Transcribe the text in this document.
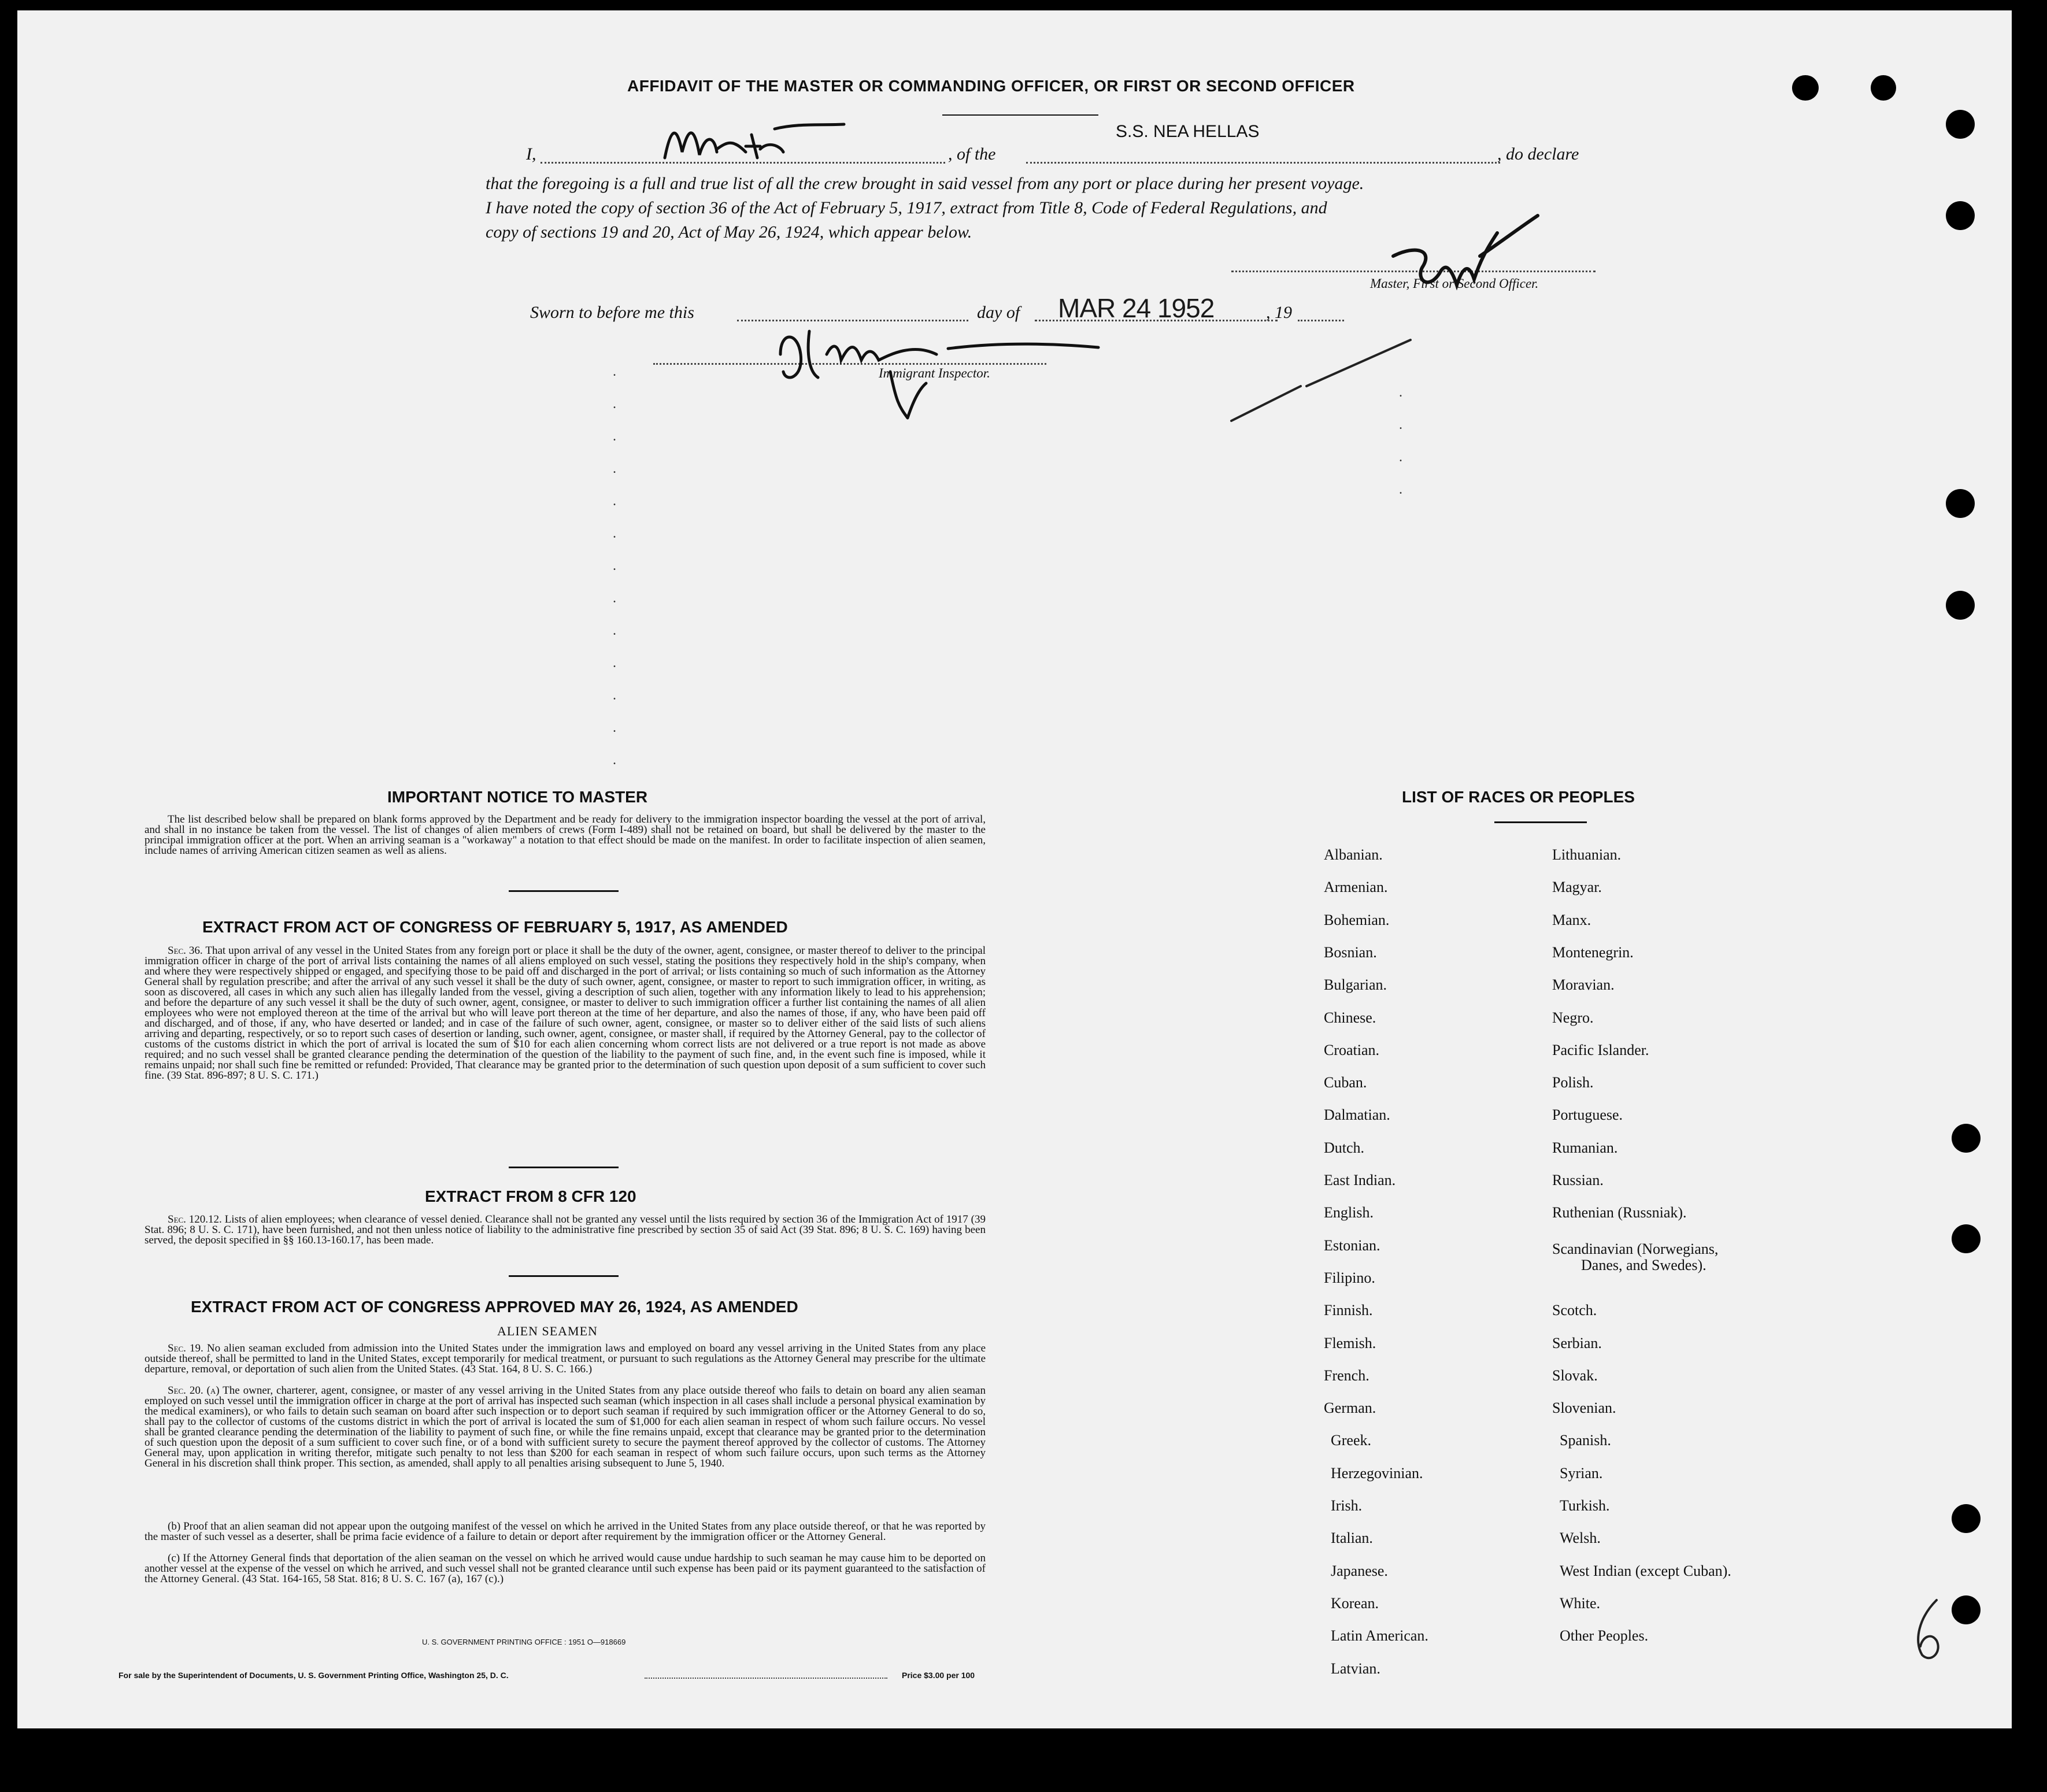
AFFIDAVIT OF THE MASTER OR COMMANDING OFFICER, OR FIRST OR SECOND OFFICER
I,	, of the
S.S. NEA HELLAS
, do declare
that the foregoing is a full and true list of all the crew brought in said vessel from any port or place during her present voyage.
I have noted the copy of section 36 of the Act of February 5, 1917, extract from Title 8, Code of Federal Regulations, and
copy of sections 19 and 20, Act of May 26, 1924, which appear below.
Master, First or Second Officer.
Sworn to before me this	day of MAR 24 1952	, 19
Immigrant Inspector.
.
.
.
.
.
.
.
.
.
.
.
.
.
.
.
.
.
IMPORTANT NOTICE TO MASTER
The list described below shall be prepared on blank forms approved by the Department and be ready for delivery to the immigration inspector boarding the vessel at the port of arrival, and shall in no instance be taken from the vessel. The list of changes of alien members of crews (Form I-489) shall not be retained on board, but shall be delivered by the master to the principal immigration officer at the port. When an arriving seaman is a "workaway" a notation to that effect should be made on the manifest. In order to facilitate inspection of alien seamen, include names of arriving American citizen seamen as well as aliens.
EXTRACT FROM ACT OF CONGRESS OF FEBRUARY 5, 1917, AS AMENDED
Sec. 36. That upon arrival of any vessel in the United States from any foreign port or place it shall be the duty of the owner, agent, consignee, or master thereof to deliver to the principal immigration officer in charge of the port of arrival lists containing the names of all aliens employed on such vessel, stating the positions they respectively hold in the ship's company, when and where they were respectively shipped or engaged, and specifying those to be paid off and discharged in the port of arrival; or lists containing so much of such information as the Attorney General shall by regulation prescribe; and after the arrival of any such vessel it shall be the duty of such owner, agent, consignee, or master to report to such immigration officer, in writing, as soon as discovered, all cases in which any such alien has illegally landed from the vessel, giving a description of such alien, together with any information likely to lead to his apprehension; and before the departure of any such vessel it shall be the duty of such owner, agent, consignee, or master to deliver to such immigration officer a further list containing the names of all alien employees who were not employed thereon at the time of the arrival but who will leave port thereon at the time of her departure, and also the names of those, if any, who have been paid off and discharged, and of those, if any, who have deserted or landed; and in case of the failure of such owner, agent, consignee, or master so to deliver either of the said lists of such aliens arriving and departing, respectively, or so to report such cases of desertion or landing, such owner, agent, consignee, or master shall, if required by the Attorney General, pay to the collector of customs of the customs district in which the port of arrival is located the sum of $10 for each alien concerning whom correct lists are not delivered or a true report is not made as above required; and no such vessel shall be granted clearance pending the determination of the question of the liability to the payment of such fine, and, in the event such fine is imposed, while it remains unpaid; nor shall such fine be remitted or refunded: Provided, That clearance may be granted prior to the determination of such question upon deposit of a sum sufficient to cover such fine. (39 Stat. 896-897; 8 U. S. C. 171.)
EXTRACT FROM 8 CFR 120
Sec. 120.12. Lists of alien employees; when clearance of vessel denied. Clearance shall not be granted any vessel until the lists required by section 36 of the Immigration Act of 1917 (39 Stat. 896; 8 U. S. C. 171), have been furnished, and not then unless notice of liability to the administrative fine prescribed by section 35 of said Act (39 Stat. 896; 8 U. S. C. 169) having been served, the deposit specified in §§ 160.13-160.17, has been made.
EXTRACT FROM ACT OF CONGRESS APPROVED MAY 26, 1924, AS AMENDED
ALIEN SEAMEN
Sec. 19. No alien seaman excluded from admission into the United States under the immigration laws and employed on board any vessel arriving in the United States from any place outside thereof, shall be permitted to land in the United States, except temporarily for medical treatment, or pursuant to such regulations as the Attorney General may prescribe for the ultimate departure, removal, or deportation of such alien from the United States. (43 Stat. 164, 8 U. S. C. 166.)
Sec. 20. (a) The owner, charterer, agent, consignee, or master of any vessel arriving in the United States from any place outside thereof who fails to detain on board any alien seaman employed on such vessel until the immigration officer in charge at the port of arrival has inspected such seaman (which inspection in all cases shall include a personal physical examination by the medical examiners), or who fails to detain such seaman on board after such inspection or to deport such seaman if required by such immigration officer or the Attorney General to do so, shall pay to the collector of customs of the customs district in which the port of arrival is located the sum of $1,000 for each alien seaman in respect of whom such failure occurs. No vessel shall be granted clearance pending the determination of the liability to payment of such fine, or while the fine remains unpaid, except that clearance may be granted prior to the determination of such question upon the deposit of a sum sufficient to cover such fine, or of a bond with sufficient surety to secure the payment thereof approved by the collector of customs. The Attorney General may, upon application in writing therefor, mitigate such penalty to not less than $200 for each seaman in respect of whom such failure occurs, upon such terms as the Attorney General in his discretion shall think proper. This section, as amended, shall apply to all penalties arising subsequent to June 5, 1940.
(b) Proof that an alien seaman did not appear upon the outgoing manifest of the vessel on which he arrived in the United States from any place outside thereof, or that he was reported by the master of such vessel as a deserter, shall be prima facie evidence of a failure to detain or deport after requirement by the immigration officer or the Attorney General.
(c) If the Attorney General finds that deportation of the alien seaman on the vessel on which he arrived would cause undue hardship to such seaman he may cause him to be deported on another vessel at the expense of the vessel on which he arrived, and such vessel shall not be granted clearance until such expense has been paid or its payment guaranteed to the satisfaction of the Attorney General. (43 Stat. 164-165, 58 Stat. 816; 8 U. S. C. 167 (a), 167 (c).)
U. S. GOVERNMENT PRINTING OFFICE : 1951 O—918669
For sale by the Superintendent of Documents, U. S. Government Printing Office, Washington 25, D. C.	Price $3.00 per 100
LIST OF RACES OR PEOPLES
Albanian.
Armenian.
Bohemian.
Bosnian.
Bulgarian.
Chinese.
Croatian.
Cuban.
Dalmatian.
Dutch.
East Indian.
English.
Estonian.
Filipino.
Finnish.
Flemish.
French.
German.
Greek.
Herzegovinian.
Irish.
Italian.
Japanese.
Korean.
Latin American.
Latvian.
Lithuanian.
Magyar.
Manx.
Montenegrin.
Moravian.
Negro.
Pacific Islander.
Polish.
Portuguese.
Rumanian.
Russian.
Ruthenian (Russniak).
Scandinavian (Norwegians,
Danes, and Swedes).
Scotch.
Serbian.
Slovak.
Slovenian.
Spanish.
Syrian.
Turkish.
Welsh.
West Indian (except Cuban).
White.
Other Peoples.
